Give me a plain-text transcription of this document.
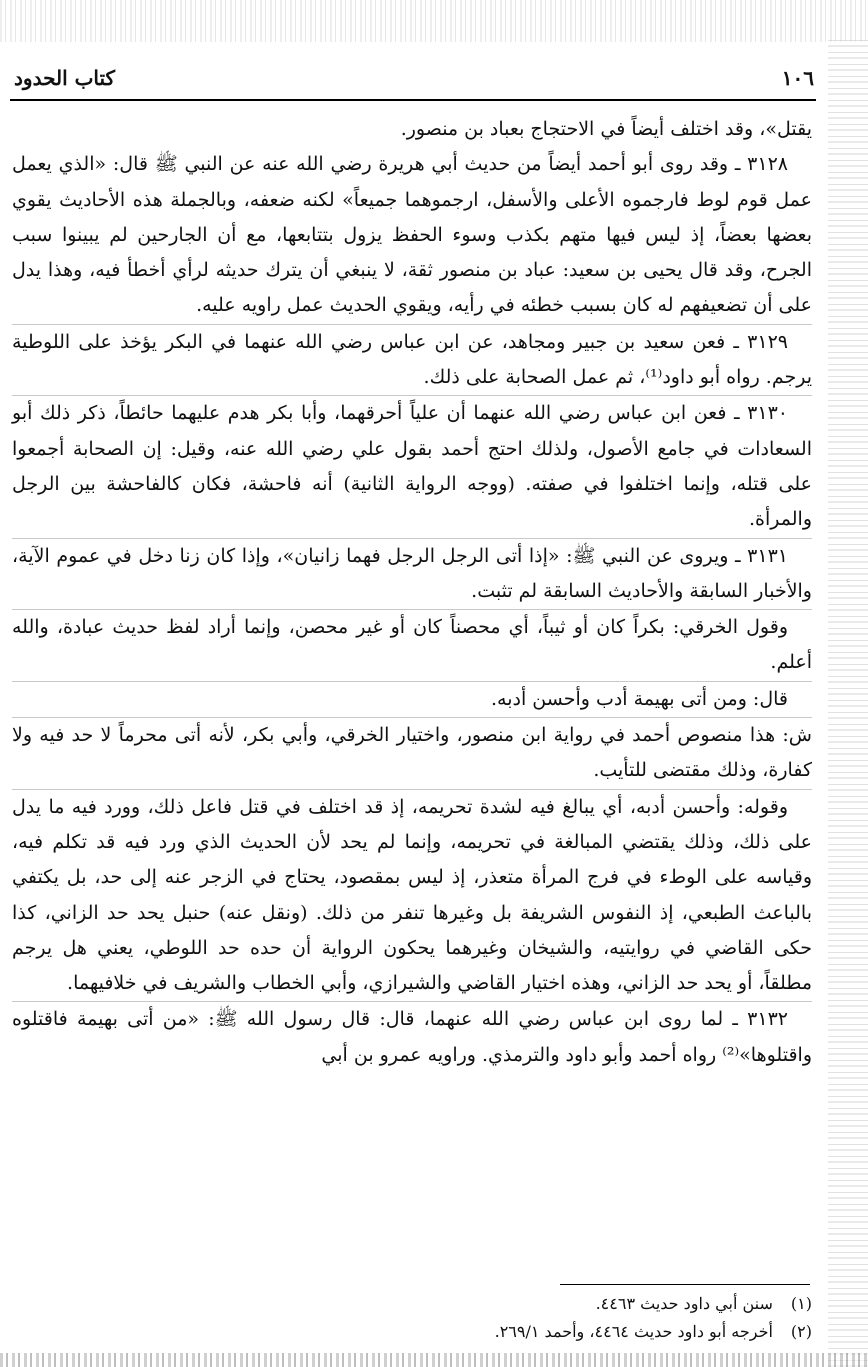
١٠٦
كتاب الحدود

يقتل»، وقد اختلف أيضاً في الاحتجاج بعباد بن منصور.

٣١٢٨ ـ وقد روى أبو أحمد أيضاً من حديث أبي هريرة رضي الله عنه عن النبي ﷺ قال: «الذي يعمل عمل قوم لوط فارجموه الأعلى والأسفل، ارجموهما جميعاً» لكنه ضعفه، وبالجملة هذه الأحاديث يقوي بعضها بعضاً، إذ ليس فيها متهم بكذب وسوء الحفظ يزول بتتابعها، مع أن الجارحين لم يبينوا سبب الجرح، وقد قال يحيى بن سعيد: عباد بن منصور ثقة، لا ينبغي أن يترك حديثه لرأي أخطأ فيه، وهذا يدل على أن تضعيفهم له كان بسبب خطئه في رأيه، ويقوي الحديث عمل راويه عليه.

٣١٢٩ ـ فعن سعيد بن جبير ومجاهد، عن ابن عباس رضي الله عنهما في البكر يؤخذ على اللوطية يرجم. رواه أبو داود⁽¹⁾، ثم عمل الصحابة على ذلك.

٣١٣٠ ـ فعن ابن عباس رضي الله عنهما أن علياً أحرقهما، وأبا بكر هدم عليهما حائطاً، ذكر ذلك أبو السعادات في جامع الأصول، ولذلك احتج أحمد بقول علي رضي الله عنه، وقيل: إن الصحابة أجمعوا على قتله، وإنما اختلفوا في صفته. (ووجه الرواية الثانية) أنه فاحشة، فكان كالفاحشة بين الرجل والمرأة.

٣١٣١ ـ ويروى عن النبي ﷺ: «إذا أتى الرجل الرجل فهما زانيان»، وإذا كان زنا دخل في عموم الآية، والأخبار السابقة والأحاديث السابقة لم تثبت.

وقول الخرقي: بكراً كان أو ثيباً، أي محصناً كان أو غير محصن، وإنما أراد لفظ حديث عبادة، والله أعلم.

قال: ومن أتى بهيمة أدب وأحسن أدبه.

ش: هذا منصوص أحمد في رواية ابن منصور، واختيار الخرقي، وأبي بكر، لأنه أتى محرماً لا حد فيه ولا كفارة، وذلك مقتضى للتأيب.

وقوله: وأحسن أدبه، أي يبالغ فيه لشدة تحريمه، إذ قد اختلف في قتل فاعل ذلك، وورد فيه ما يدل على ذلك، وذلك يقتضي المبالغة في تحريمه، وإنما لم يحد لأن الحديث الذي ورد فيه قد تكلم فيه، وقياسه على الوطء في فرج المرأة متعذر، إذ ليس بمقصود، يحتاج في الزجر عنه إلى حد، بل يكتفي بالباعث الطبعي، إذ النفوس الشريفة بل وغيرها تنفر من ذلك. (ونقل عنه) حنبل يحد حد الزاني، كذا حكى القاضي في روايتيه، والشيخان وغيرهما يحكون الرواية أن حده حد اللوطي، يعني هل يرجم مطلقاً، أو يحد حد الزاني، وهذه اختيار القاضي والشيرازي، وأبي الخطاب والشريف في خلافيهما.

٣١٣٢ ـ لما روى ابن عباس رضي الله عنهما، قال: قال رسول الله ﷺ: «من أتى بهيمة فاقتلوه واقتلوها»⁽²⁾ رواه أحمد وأبو داود والترمذي. وراويه عمرو بن أبي

(١) سنن أبي داود حديث ٤٤٦٣.

(٢) أخرجه أبو داود حديث ٤٤٦٤، وأحمد ٢٦٩/١.
